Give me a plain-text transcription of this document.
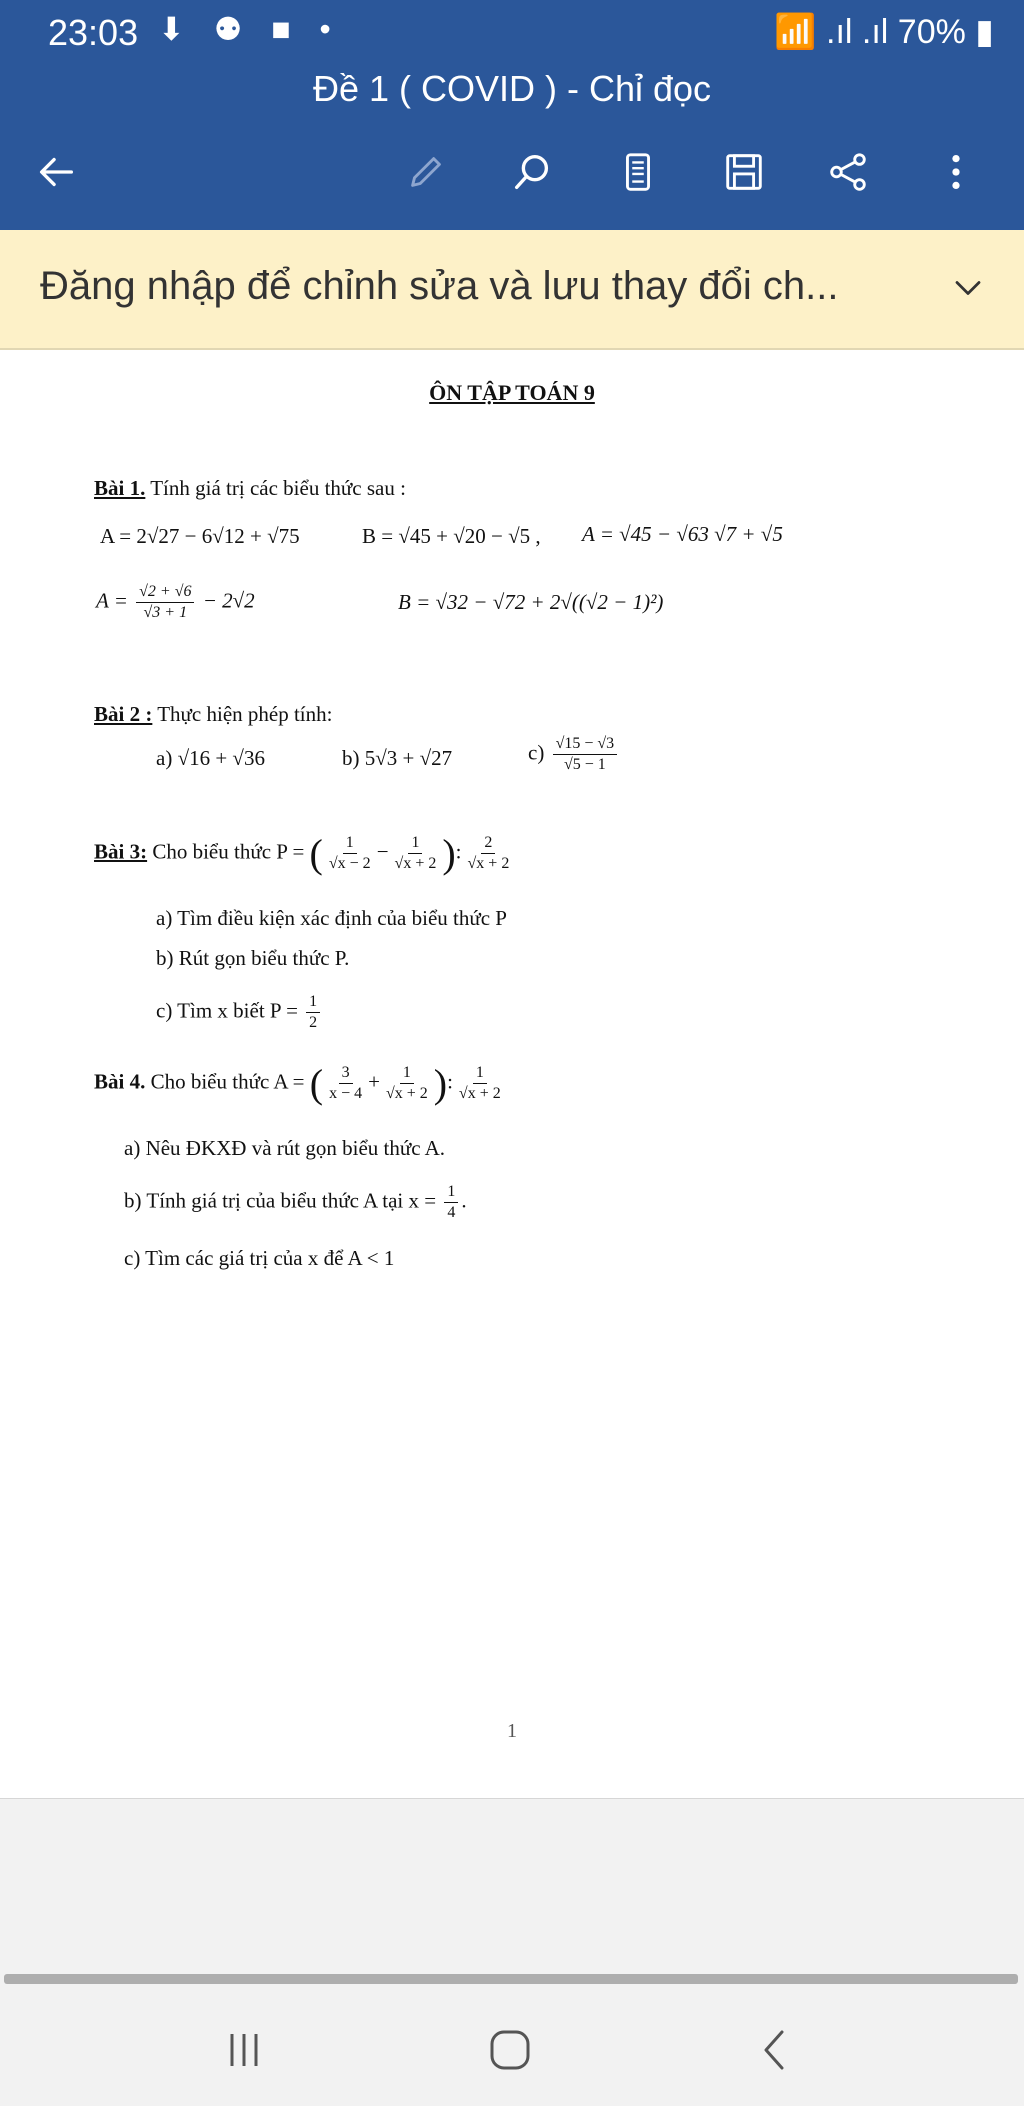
23:03 ⬇ ⚉ ■ •	📶 .ıl .ıl 70% ▮
Đề 1 ( COVID ) - Chỉ đọc
Đăng nhập để chỉnh sửa và lưu thay đổi ch...
ÔN TẬP TOÁN 9
Bài 1. Tính giá trị các biểu thức sau :
A = 2√27 − 6√12 + √75	B = √45 + √20 − √5 , A = √45 − √63 √7 + √5
$A = \frac{√2 + √6}{√3 + 1} - 2√2$	B = √32 − √72 + 2√((√2 − 1)²)
Bài 2 : Thực hiện phép tính:
a) √16 + √36	b) 5√3 + √27	$c) \frac{√15 - √3}{√5 - 1}$
Bài 3: Cho biểu thức P = ( $\frac{1}{√x - 2} - \frac{1}{√x + 2}$ ): $\frac{2}{√x + 2}$
a) Tìm điều kiện xác định của biểu thức P
b) Rút gọn biểu thức P.
c) Tìm x biết $P = \frac{1}{2}$
Bài 4. Cho biểu thức A = ( $\frac{3}{x - 4} + \frac{1}{√x + 2}$ ): $\frac{1}{√x + 2}$
a) Nêu ĐKXĐ và rút gọn biểu thức A.
b) Tính giá trị của biểu thức A tại $x = \frac{1}{4}$ .
c) Tìm các giá trị của x để A < 1
1
